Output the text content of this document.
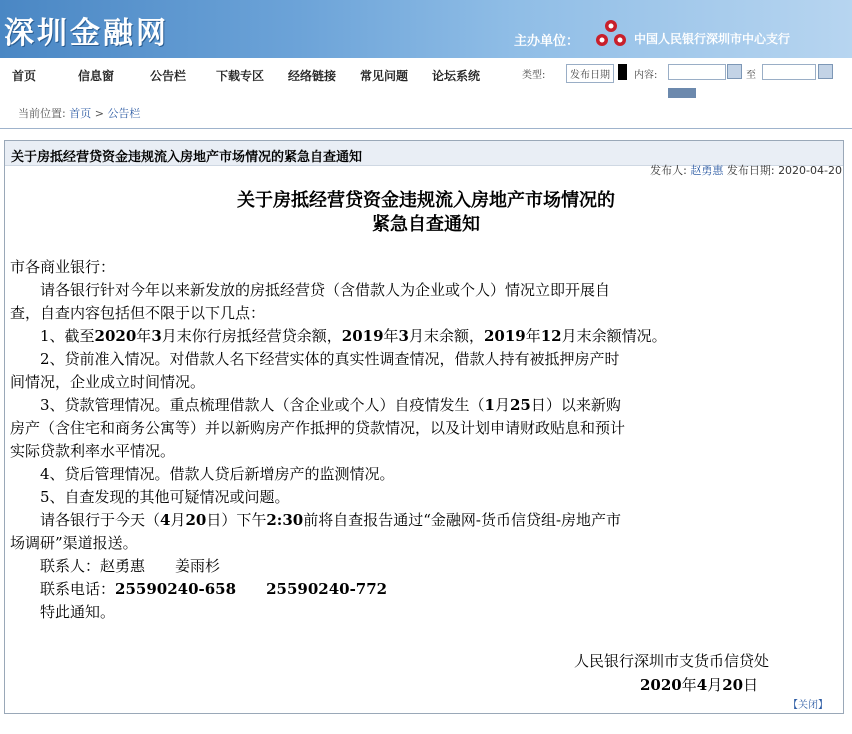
深圳金融网	主办单位：	中国人民银行深圳市中心支行
首页	信息窗	公告栏 下载专区 经络链接 常见问题 论坛系统	类型:	发布日期	内容:	至
当前位置: 首页 > 公告栏
关于房抵经营贷资金违规流入房地产市场情况的紧急自查通知
发布人: 赵勇惠 发布日期: 2020-04-20
关于房抵经营贷资金违规流入房地产市场情况的
紧急自查通知
市各商业银行：
　　请各银行针对今年以来新发放的房抵经营贷（含借款人为企业或个人）情况立即开展自
查，自查内容包括但不限于以下几点：
　　1、截至2020年3月末你行房抵经营贷余额，2019年3月末余额，2019年12月末余额情况。
　　2、贷前准入情况。对借款人名下经营实体的真实性调查情况，借款人持有被抵押房产时
间情况，企业成立时间情况。
　　3、贷款管理情况。重点梳理借款人（含企业或个人）自疫情发生（1月25日）以来新购
房产（含住宅和商务公寓等）并以新购房产作抵押的贷款情况，以及计划申请财政贴息和预计
实际贷款利率水平情况。
　　4、贷后管理情况。借款人贷后新增房产的监测情况。
　　5、自查发现的其他可疑情况或问题。
　　请各银行于今天（4月20日）下午2:30前将自查报告通过“金融网-货币信贷组-房地产市
场调研”渠道报送。
　　联系人：赵勇惠　　姜雨杉
　　联系电话：25590240-658　　 25590240-772
　　特此通知。
人民银行深圳巿支货币信贷处
2020年4月20日
【关闭】
